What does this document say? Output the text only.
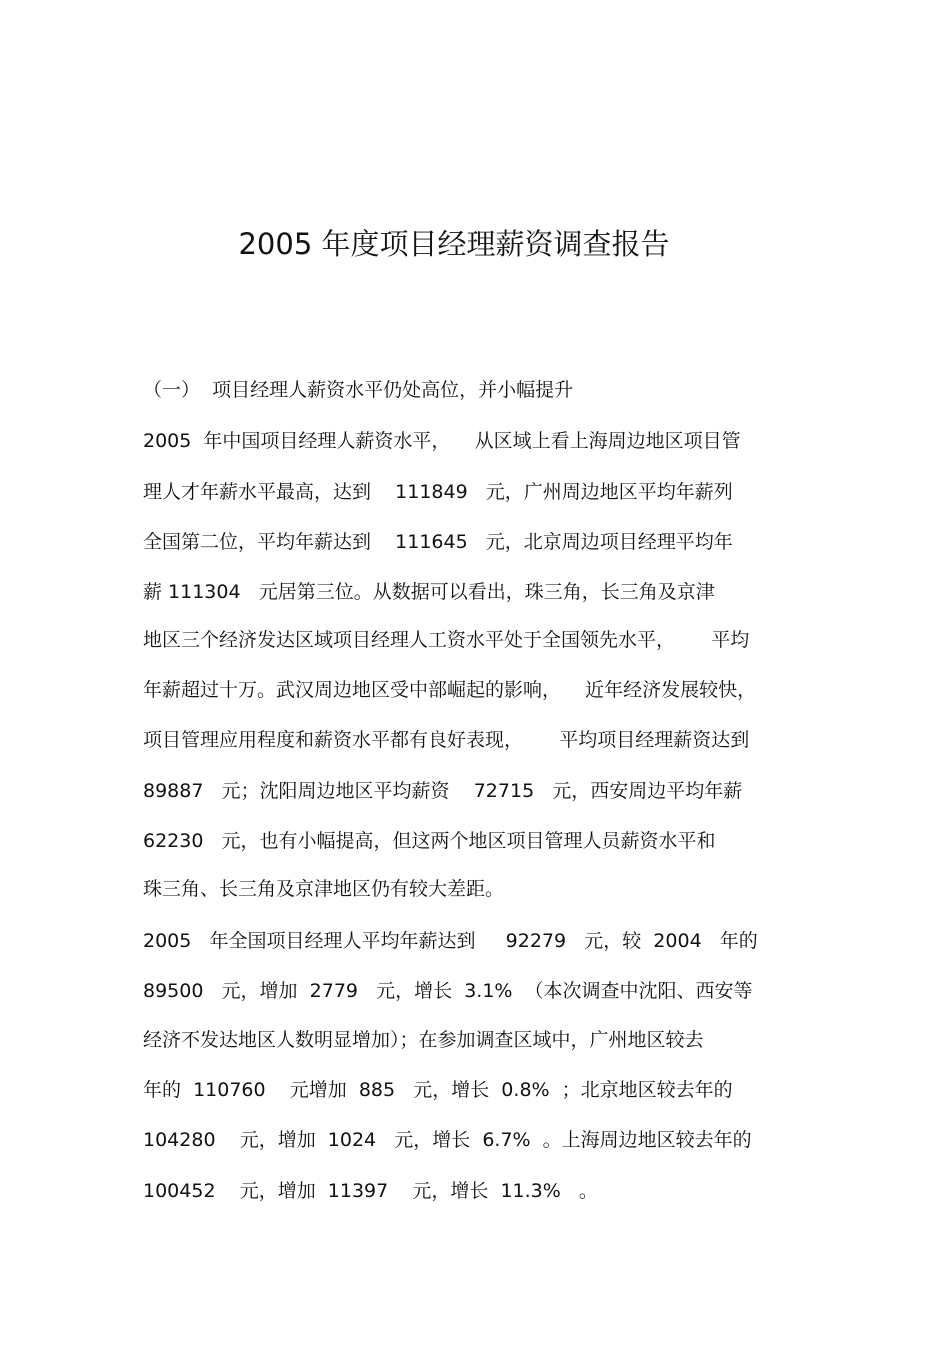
2005 年度项目经理薪资调查报告
（一）  项目经理人薪资水平仍处高位，并小幅提升
2005  年中国项目经理人薪资水平，    从区域上看上海周边地区项目管
理人才年薪水平最高，达到    111849   元，广州周边地区平均年薪列
全国第二位，平均年薪达到    111645   元，北京周边项目经理平均年
薪 111304   元居第三位。从数据可以看出，珠三角，长三角及京津
地区三个经济发达区域项目经理人工资水平处于全国领先水平，      平均
年薪超过十万。武汉周边地区受中部崛起的影响，    近年经济发展较快，
项目管理应用程度和薪资水平都有良好表现，      平均项目经理薪资达到
89887   元；沈阳周边地区平均薪资    72715   元，西安周边平均年薪
62230   元，也有小幅提高，但这两个地区项目管理人员薪资水平和
珠三角、长三角及京津地区仍有较大差距。
2005   年全国项目经理人平均年薪达到     92279   元，较  2004   年的
89500   元，增加  2779   元，增长  3.1%  （本次调查中沈阳、西安等
经济不发达地区人数明显增加）；在参加调查区域中，广州地区较去
年的  110760    元增加  885   元，增长  0.8%  ；北京地区较去年的
104280    元，增加  1024   元，增长  6.7%  。上海周边地区较去年的
100452    元，增加  11397    元，增长  11.3%   。
